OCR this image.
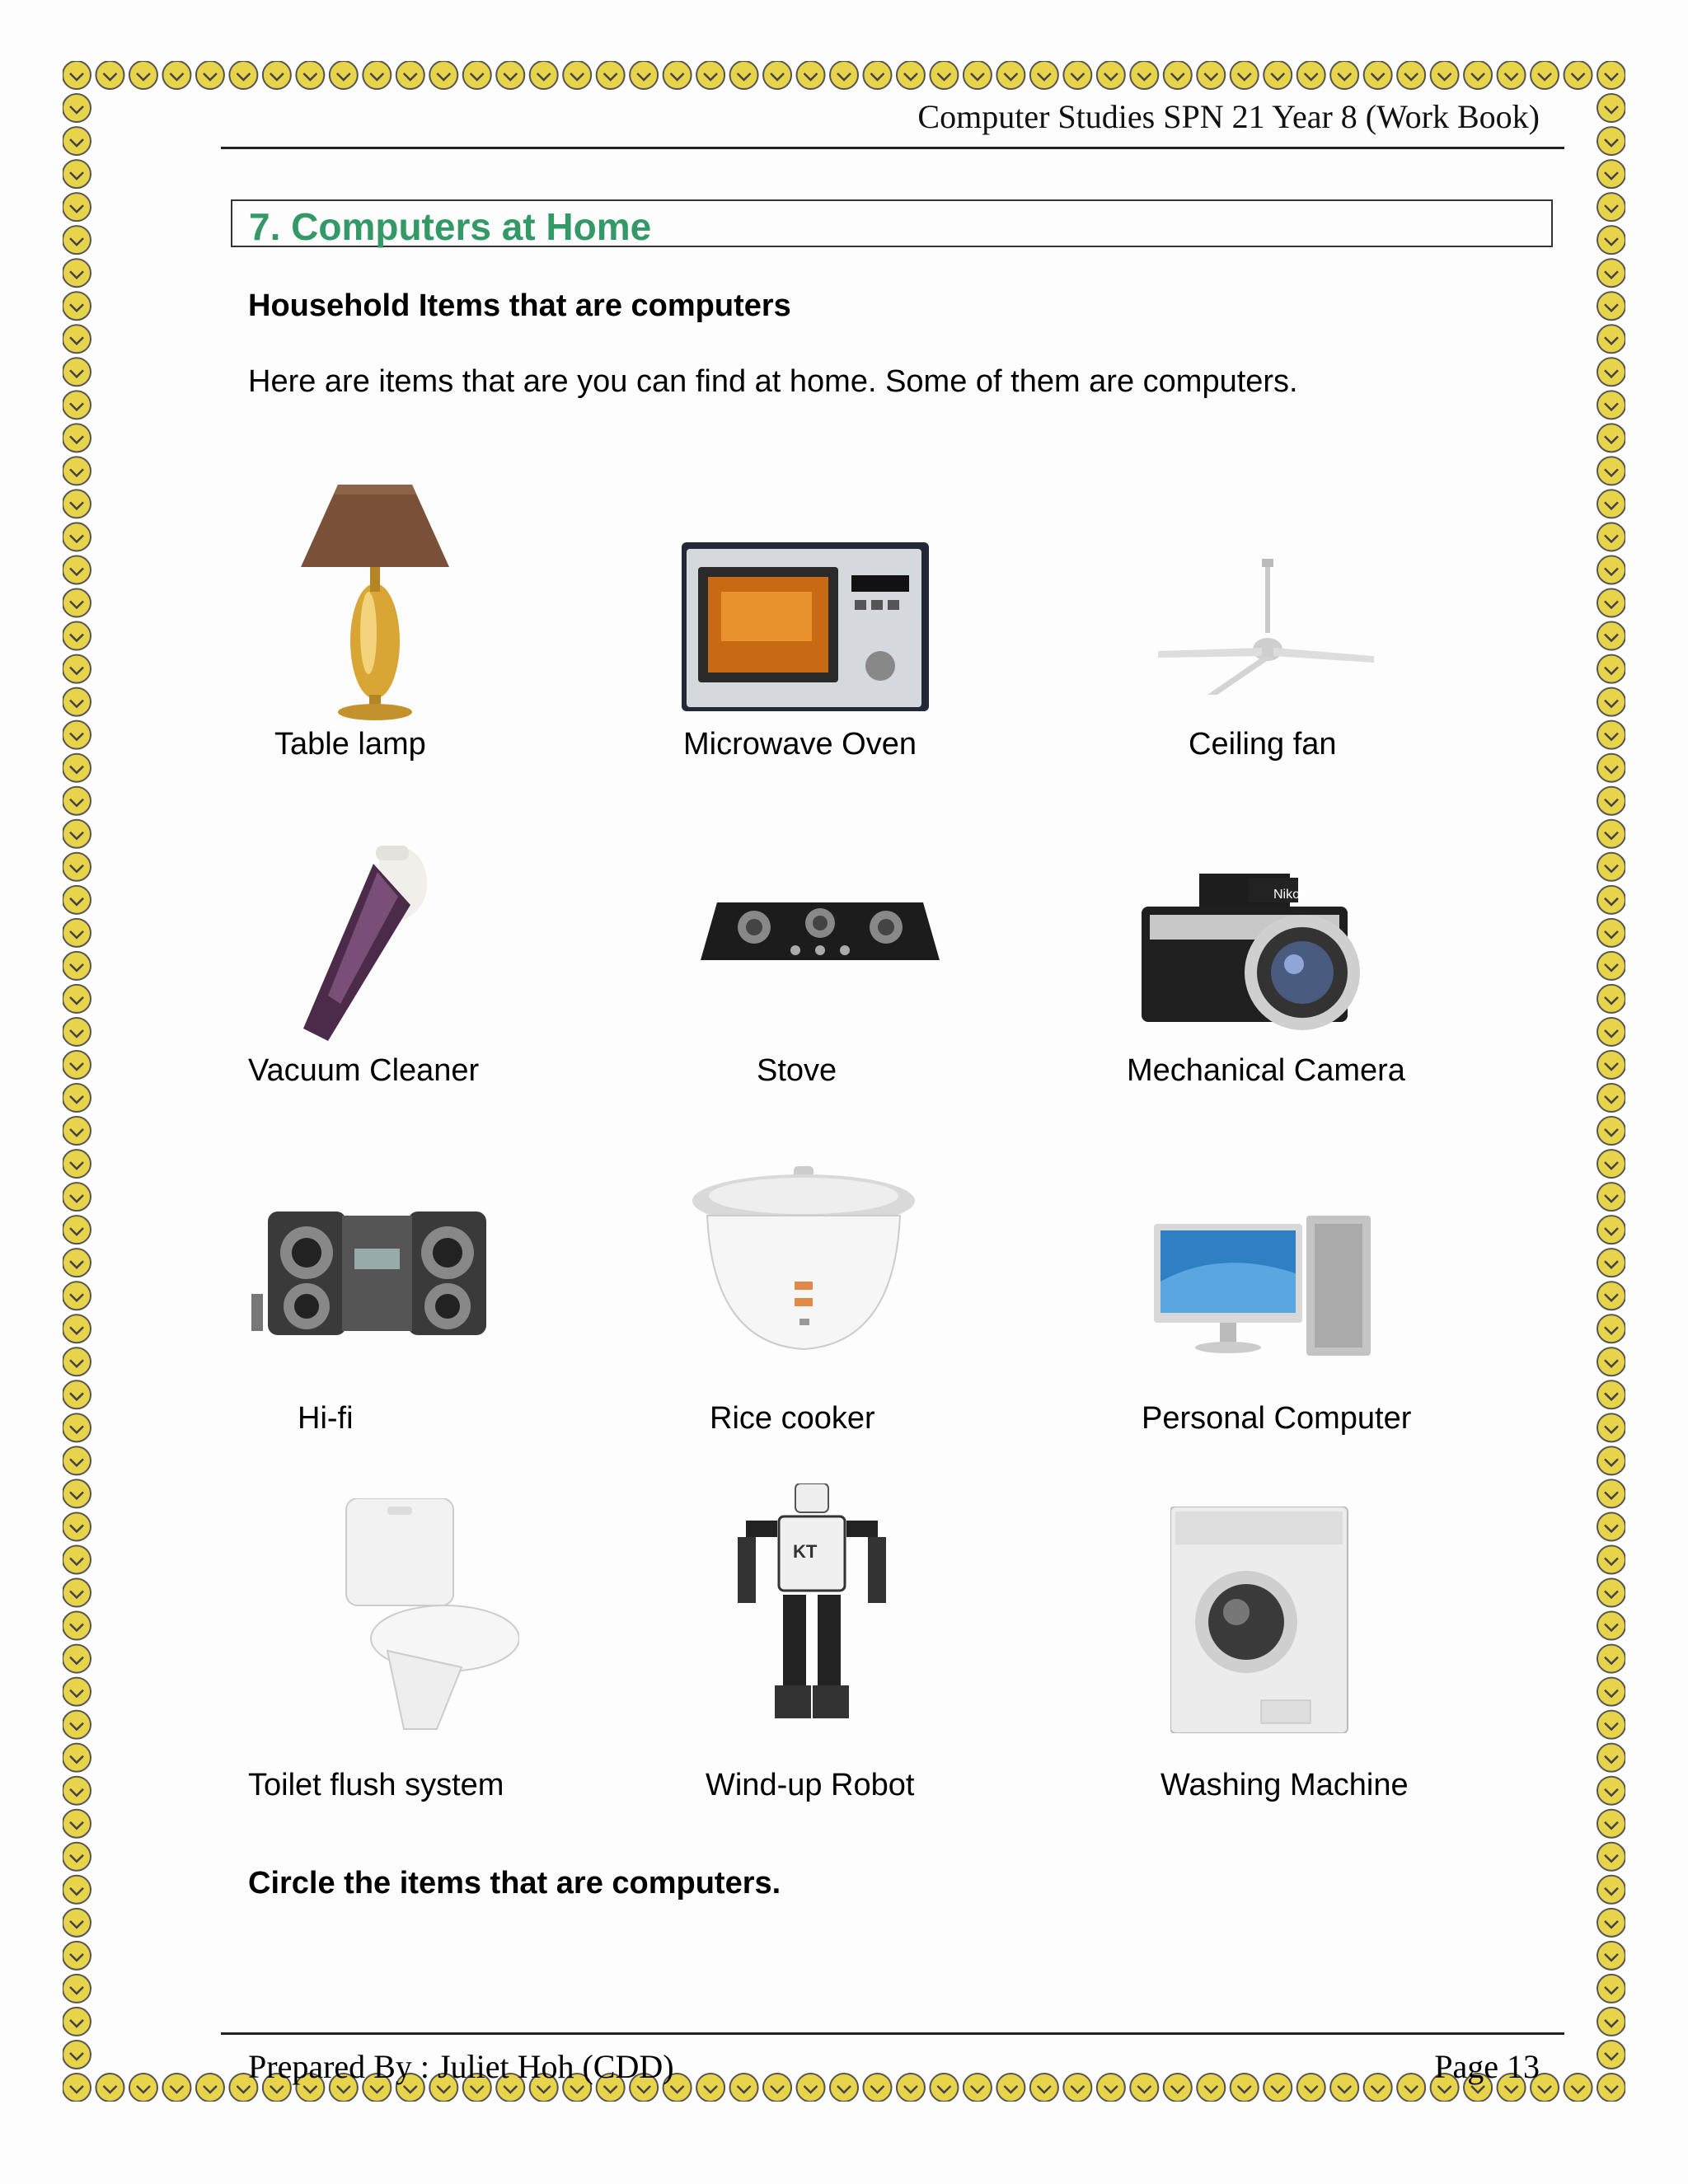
Computer Studies SPN 21 Year 8 (Work Book)
7. Computers at Home
Household Items that are computers
Here are items that are you can find at home. Some of them are computers.
Table lamp	Microwave Oven	Ceiling fan
Nikon
Vacuum Cleaner	Stove	Mechanical Camera
Hi-fi	Rice cooker	Personal Computer
KT
Toilet flush system	Wind-up Robot	Washing Machine
Circle the items that are computers.
Prepared By : Juliet Hoh (CDD)	Page 13
